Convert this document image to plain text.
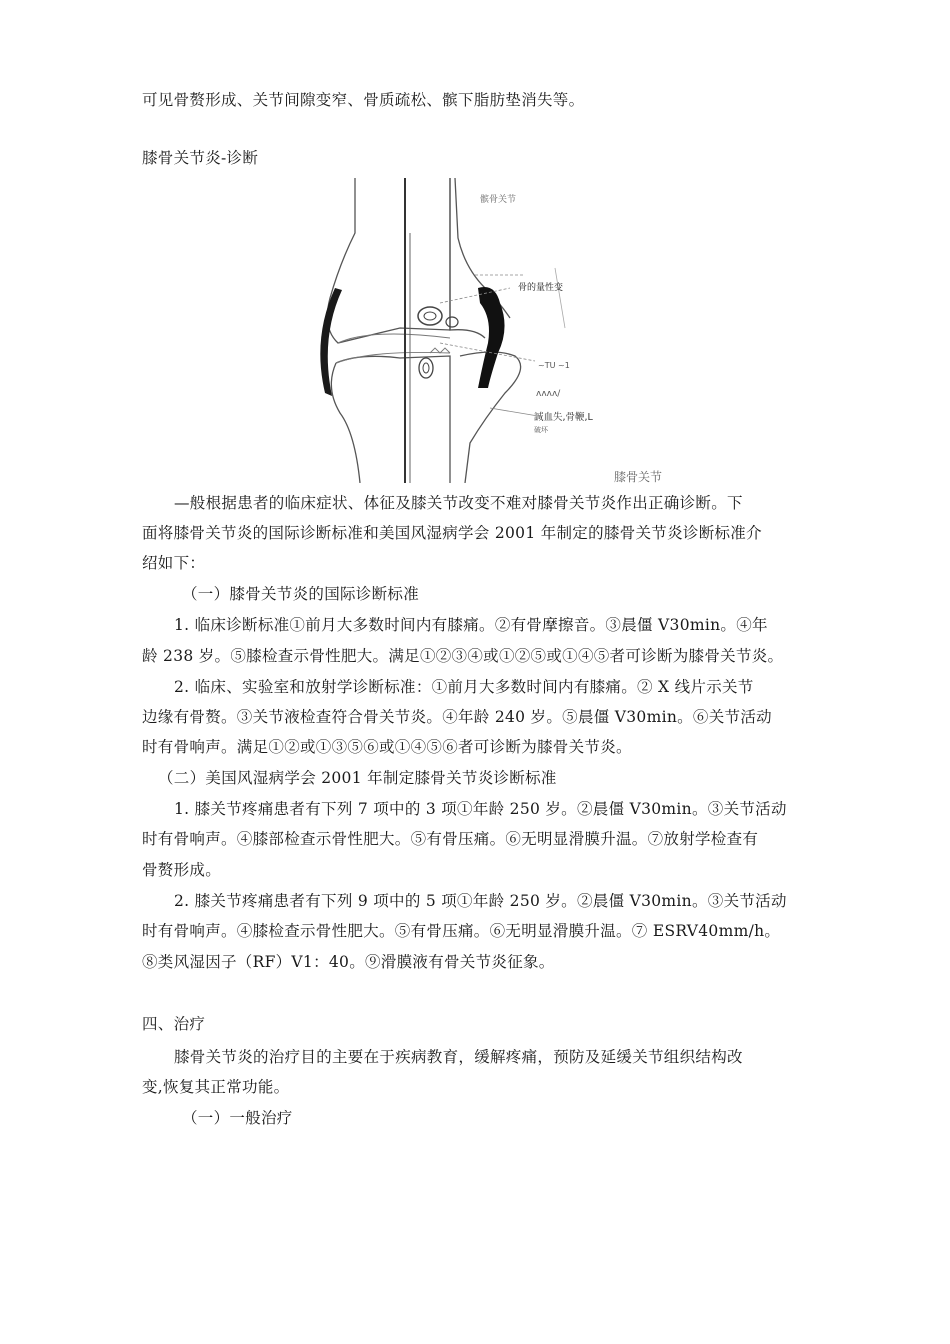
可见骨赘形成、关节间隙变窄、骨质疏松、髌下脂肪垫消失等。
膝骨关节炎-诊断
髌骨关节
骨的量性变
~TU ~1
ʌʌʌʌ/
誠血失,骨鞭,L
破坏
膝骨关节
—般根据患者的临床症状、体征及膝关节改变不难对膝骨关节炎作出正确诊断。下
面将膝骨关节炎的国际诊断标准和美国风湿病学会 2001 年制定的膝骨关节炎诊断标准介
绍如下：
（一）膝骨关节炎的国际诊断标准
1. 临床诊断标准①前月大多数时间内有膝痛。②有骨摩擦音。③晨僵 V30min。④年
龄 238 岁。⑤膝检查示骨性肥大。满足①②③④或①②⑤或①④⑤者可诊断为膝骨关节炎。
2. 临床、实验室和放射学诊断标准：①前月大多数时间内有膝痛。② X 线片示关节
边缘有骨赘。③关节液检查符合骨关节炎。④年龄 240 岁。⑤晨僵 V30min。⑥关节活动
时有骨响声。满足①②或①③⑤⑥或①④⑤⑥者可诊断为膝骨关节炎。
（二）美国风湿病学会 2001 年制定膝骨关节炎诊断标准
1. 膝关节疼痛患者有下列 7 项中的 3 项①年龄 250 岁。②晨僵 V30min。③关节活动
时有骨响声。④膝部检查示骨性肥大。⑤有骨压痛。⑥无明显滑膜升温。⑦放射学检查有
骨赘形成。
2. 膝关节疼痛患者有下列 9 项中的 5 项①年龄 250 岁。②晨僵 V30min。③关节活动
时有骨响声。④膝检查示骨性肥大。⑤有骨压痛。⑥无明显滑膜升温。⑦ ESRV40mm/h。
⑧类风湿因子（RF）V1：40。⑨滑膜液有骨关节炎征象。
四、治疗
膝骨关节炎的治疗目的主要在于疾病教育，缓解疼痛，预防及延缓关节组织结构改
变,恢复其正常功能。
（一）一般治疗
